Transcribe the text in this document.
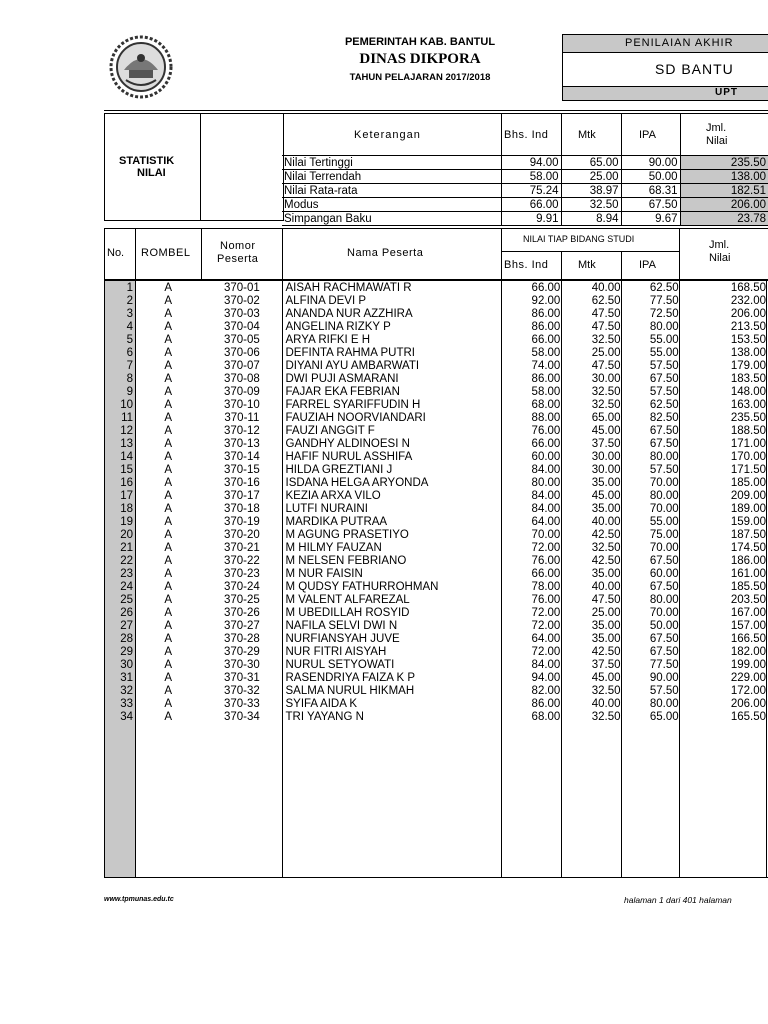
PEMERINTAH KAB. BANTUL
DINAS DIKPORA
TAHUN PELAJARAN 2017/2018
PENILAIAN AKHIR
SD BANTU
UPT
STATISTIK
NILAI
Keterangan	Bhs. Ind	Mtk	IPA
Jml.
Nilai
Nilai Tertinggi	94.00	65.00	90.00	235.50
Nilai Terrendah	58.00	25.00	50.00	138.00
Nilai Rata-rata	75.24	38.97	68.31	182.51
Modus	66.00	32.50	67.50	206.00
Simpangan Baku	9.91	8.94	9.67	23.78
No. ROMBEL
Nomor
Peserta	Nama Peserta
NILAI TIAP BIDANG STUDI
Bhs. Ind	Mtk	IPA
Jml.
Nilai
1	A	370-01	AISAH RACHMAWATI R	66.00	40.00	62.50	168.50
2	A	370-02	ALFINA DEVI P	92.00	62.50	77.50	232.00
3	A	370-03	ANANDA NUR AZZHIRA	86.00	47.50	72.50	206.00
4	A	370-04	ANGELINA RIZKY P	86.00	47.50	80.00	213.50
5	A	370-05	ARYA RIFKI E H	66.00	32.50	55.00	153.50
6	A	370-06	DEFINTA RAHMA PUTRI	58.00	25.00	55.00	138.00
7	A	370-07	DIYANI AYU AMBARWATI	74.00	47.50	57.50	179.00
8	A	370-08	DWI PUJI ASMARANI	86.00	30.00	67.50	183.50
9	A	370-09	FAJAR EKA FEBRIAN	58.00	32.50	57.50	148.00
10	A	370-10	FARREL SYARIFFUDIN H	68.00	32.50	62.50	163.00
11	A	370-11	FAUZIAH NOORVIANDARI	88.00	65.00	82.50	235.50
12	A	370-12	FAUZI ANGGIT F	76.00	45.00	67.50	188.50
13	A	370-13	GANDHY ALDINOESI N	66.00	37.50	67.50	171.00
14	A	370-14	HAFIF NURUL ASSHIFA	60.00	30.00	80.00	170.00
15	A	370-15	HILDA GREZTIANI J	84.00	30.00	57.50	171.50
16	A	370-16	ISDANA HELGA ARYONDA	80.00	35.00	70.00	185.00
17	A	370-17	KEZIA ARXA VILO	84.00	45.00	80.00	209.00
18	A	370-18	LUTFI NURAINI	84.00	35.00	70.00	189.00
19	A	370-19	MARDIKA PUTRAA	64.00	40.00	55.00	159.00
20	A	370-20	M AGUNG PRASETIYO	70.00	42.50	75.00	187.50
21	A	370-21	M HILMY FAUZAN	72.00	32.50	70.00	174.50
22	A	370-22	M NELSEN FEBRIANO	76.00	42.50	67.50	186.00
23	A	370-23	M NUR FAISIN	66.00	35.00	60.00	161.00
24	A	370-24	M QUDSY FATHURROHMAN	78.00	40.00	67.50	185.50
25	A	370-25	M VALENT ALFAREZAL	76.00	47.50	80.00	203.50
26	A	370-26	M UBEDILLAH ROSYID	72.00	25.00	70.00	167.00
27	A	370-27	NAFILA SELVI DWI N	72.00	35.00	50.00	157.00
28	A	370-28	NURFIANSYAH JUVE	64.00	35.00	67.50	166.50
29	A	370-29	NUR FITRI AISYAH	72.00	42.50	67.50	182.00
30	A	370-30	NURUL SETYOWATI	84.00	37.50	77.50	199.00
31	A	370-31	RASENDRIYA FAIZA K P	94.00	45.00	90.00	229.00
32	A	370-32	SALMA NURUL HIKMAH	82.00	32.50	57.50	172.00
33	A	370-33	SYIFA AIDA K	86.00	40.00	80.00	206.00
34	A	370-34	TRI YAYANG N	68.00	32.50	65.00	165.50
www.tpmunas.edu.tc	halaman 1 dari 401 halaman
